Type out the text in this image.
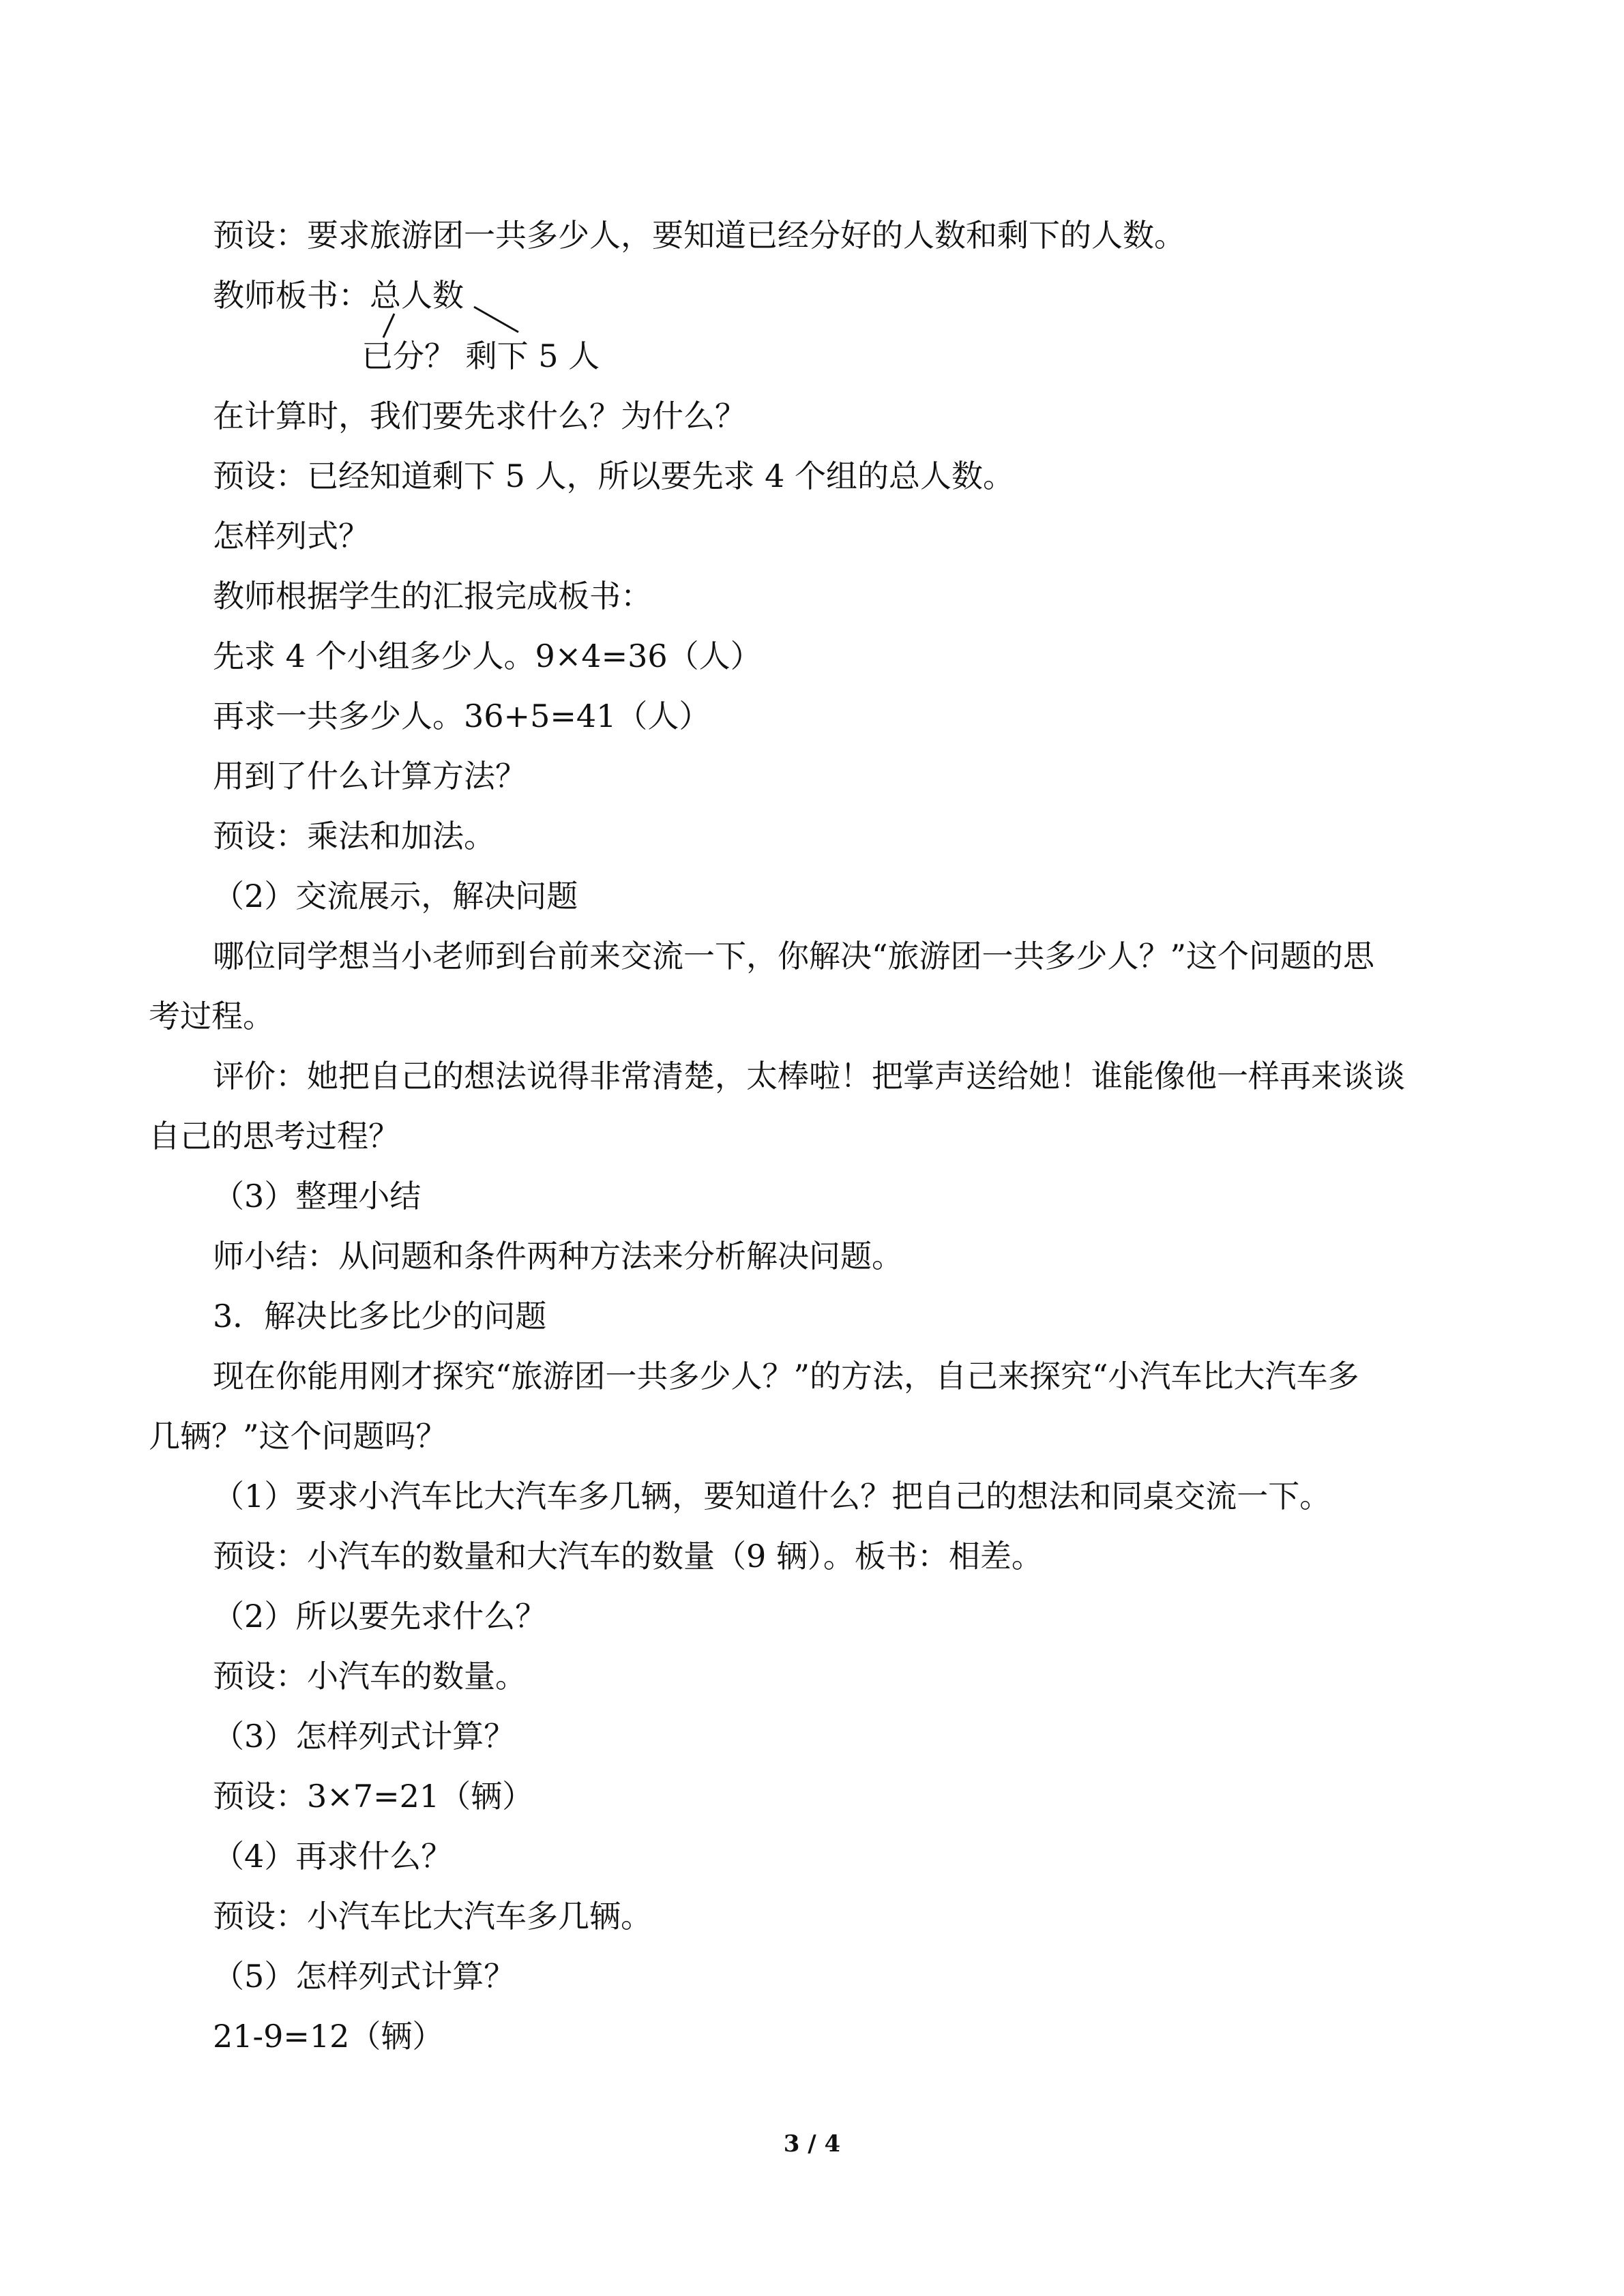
预设：要求旅游团一共多少人，要知道已经分好的人数和剩下的人数。
教师板书：总人数
已分？ 剩下 5 人
在计算时，我们要先求什么？为什么？
预设：已经知道剩下 5 人，所以要先求 4 个组的总人数。
怎样列式？
教师根据学生的汇报完成板书：
先求 4 个小组多少人。9×4=36（人）
再求一共多少人。36+5=41（人）
用到了什么计算方法？
预设：乘法和加法。
（2）交流展示，解决问题
哪位同学想当小老师到台前来交流一下，你解决“旅游团一共多少人？”这个问题的思
考过程。
评价：她把自己的想法说得非常清楚，太棒啦！把掌声送给她！谁能像他一样再来谈谈
自己的思考过程？
（3）整理小结
师小结：从问题和条件两种方法来分析解决问题。
3．解决比多比少的问题
现在你能用刚才探究“旅游团一共多少人？”的方法，自己来探究“小汽车比大汽车多
几辆？”这个问题吗？
（1）要求小汽车比大汽车多几辆，要知道什么？把自己的想法和同桌交流一下。
预设：小汽车的数量和大汽车的数量（9 辆）。板书：相差。
（2）所以要先求什么？
预设：小汽车的数量。
（3）怎样列式计算？
预设：3×7=21（辆）
（4）再求什么？
预设：小汽车比大汽车多几辆。
（5）怎样列式计算？
21-9=12（辆）
3 / 4
